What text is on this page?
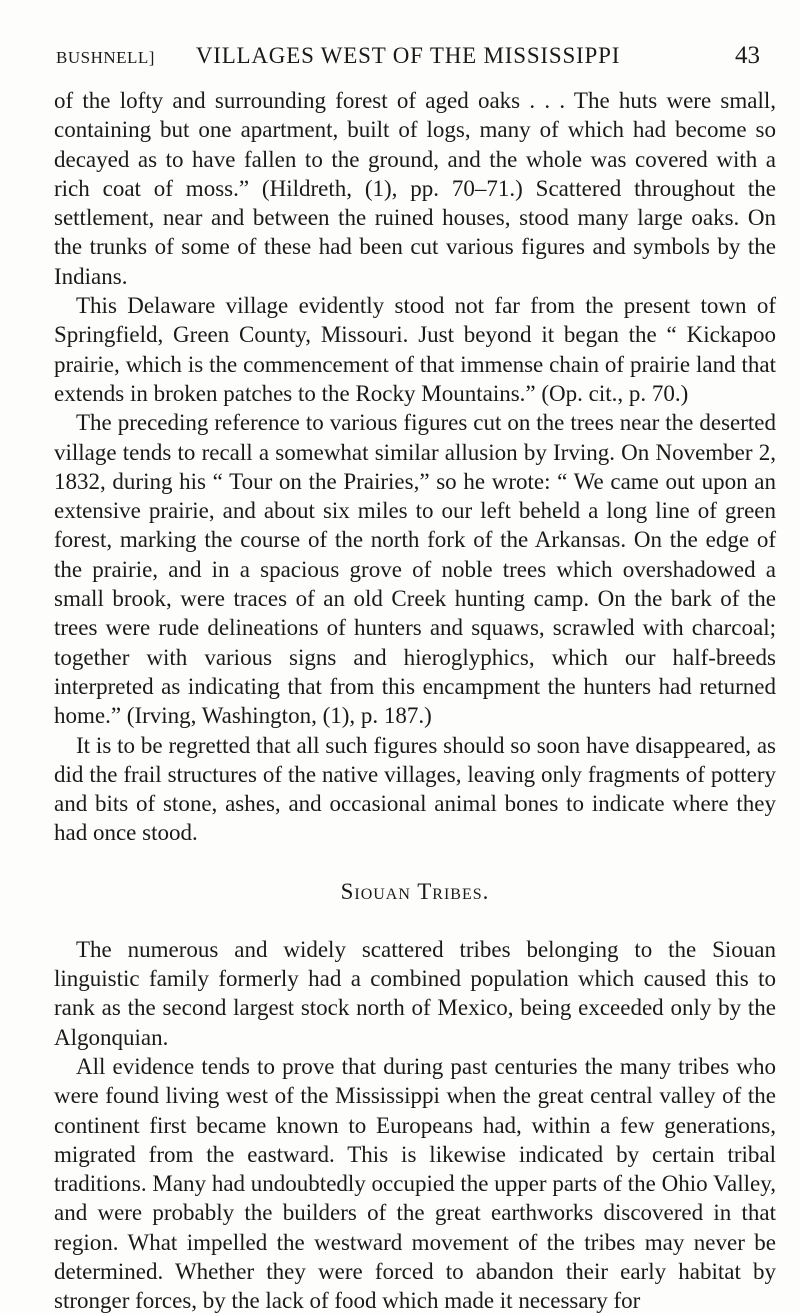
BUSHNELL]	VILLAGES WEST OF THE MISSISSIPPI	43

of the lofty and surrounding forest of aged oaks . . . The huts were small, containing but one apartment, built of logs, many of which had become so decayed as to have fallen to the ground, and the whole was covered with a rich coat of moss.” (Hildreth, (1), pp. 70–71.) Scattered throughout the settlement, near and between the ruined houses, stood many large oaks. On the trunks of some of these had been cut various figures and symbols by the Indians.

This Delaware village evidently stood not far from the present town of Springfield, Green County, Missouri. Just beyond it began the “ Kickapoo prairie, which is the commencement of that immense chain of prairie land that extends in broken patches to the Rocky Mountains.” (Op. cit., p. 70.)

The preceding reference to various figures cut on the trees near the deserted village tends to recall a somewhat similar allusion by Irving. On November 2, 1832, during his “ Tour on the Prairies,” so he wrote: “ We came out upon an extensive prairie, and about six miles to our left beheld a long line of green forest, marking the course of the north fork of the Arkansas. On the edge of the prairie, and in a spacious grove of noble trees which overshadowed a small brook, were traces of an old Creek hunting camp. On the bark of the trees were rude delineations of hunters and squaws, scrawled with charcoal; together with various signs and hieroglyphics, which our half-breeds interpreted as indicating that from this encampment the hunters had returned home.” (Irving, Washington, (1), p. 187.)

It is to be regretted that all such figures should so soon have disappeared, as did the frail structures of the native villages, leaving only fragments of pottery and bits of stone, ashes, and occasional animal bones to indicate where they had once stood.

Siouan Tribes.

The numerous and widely scattered tribes belonging to the Siouan linguistic family formerly had a combined population which caused this to rank as the second largest stock north of Mexico, being exceeded only by the Algonquian.

All evidence tends to prove that during past centuries the many tribes who were found living west of the Mississippi when the great central valley of the continent first became known to Europeans had, within a few generations, migrated from the eastward. This is likewise indicated by certain tribal traditions. Many had undoubtedly occupied the upper parts of the Ohio Valley, and were probably the builders of the great earthworks discovered in that region. What impelled the westward movement of the tribes may never be determined. Whether they were forced to abandon their early habitat by stronger forces, by the lack of food which made it necessary for
